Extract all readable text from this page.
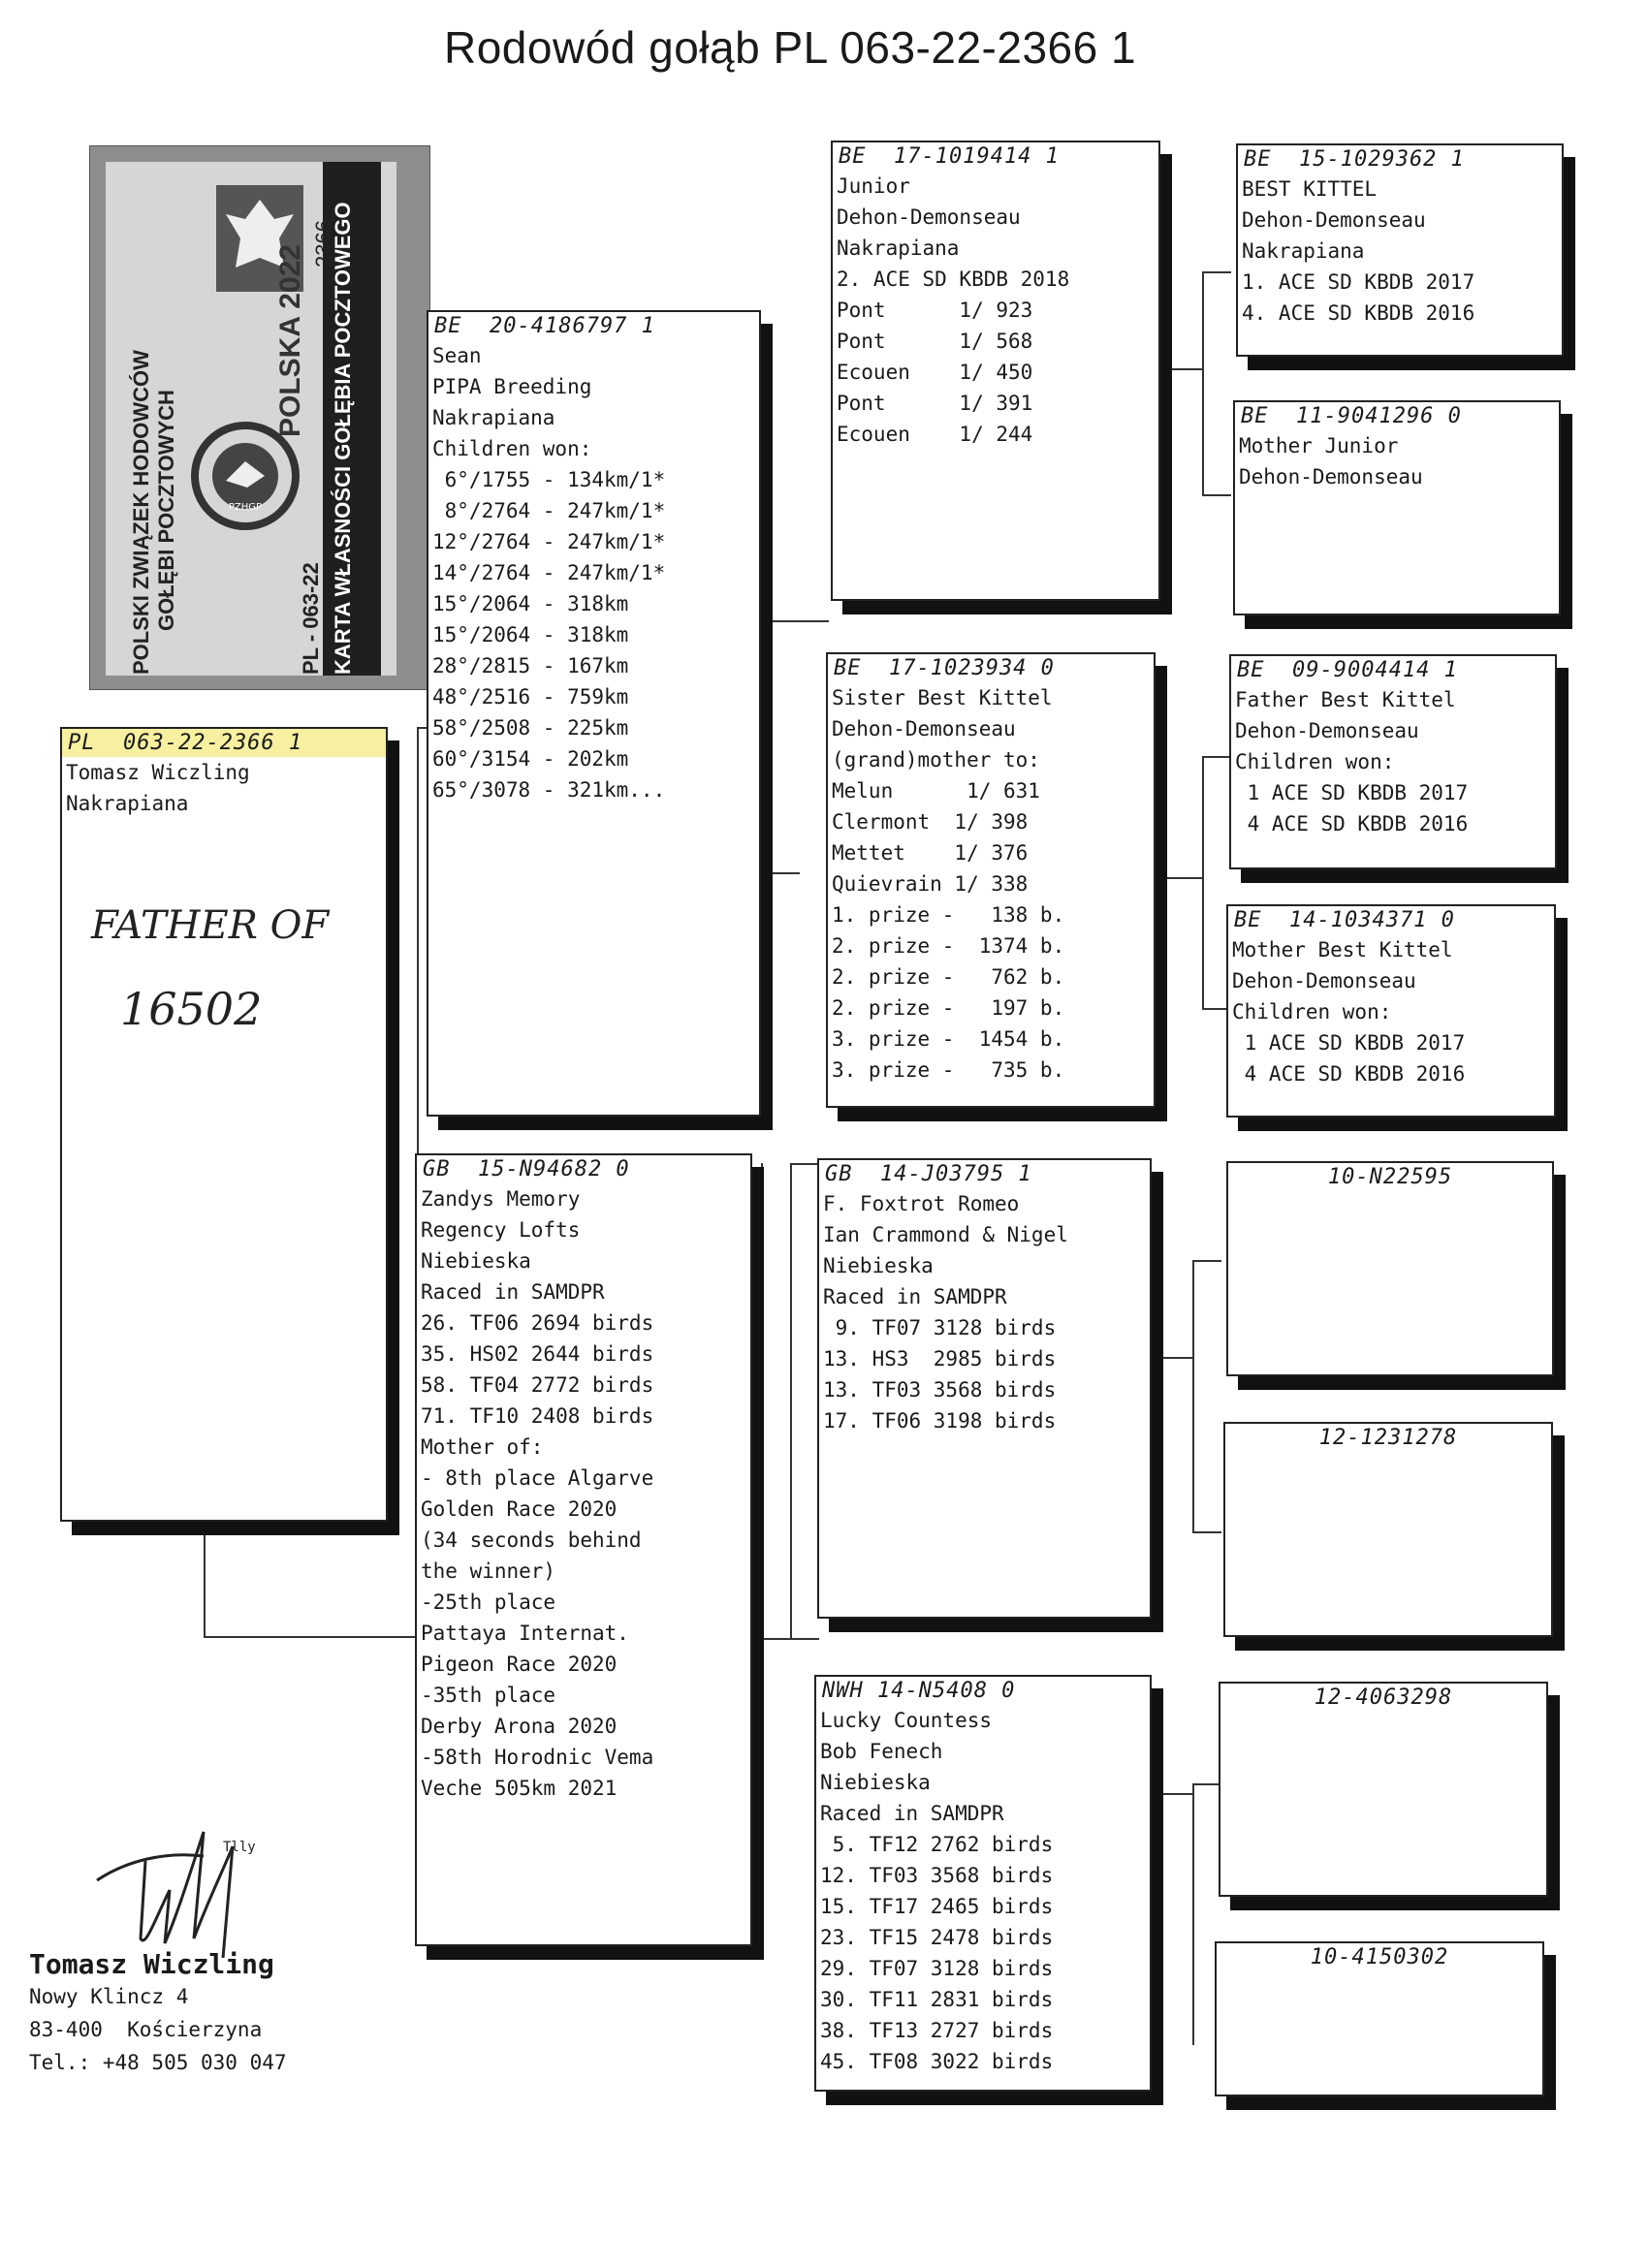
Rodowód gołąb PL 063-22-2366 1
PZHGP
POLSKI ZWIĄZEK HODOWCÓW GOŁĘBI POCZTOWYCH
POLSKA 2022
2366
PL - 063-22 KARTA WŁASNOŚCI GOŁĘBIA POCZTOWEGO
PL  063-22-2366 1
Tomasz Wiczling
Nakrapiana
FATHER OF
16502
BE  20-4186797 1
Sean
PIPA Breeding
Nakrapiana
Children won:
6°/1755 - 134km/1*
8°/2764 - 247km/1*
12°/2764 - 247km/1*
14°/2764 - 247km/1*
15°/2064 - 318km
15°/2064 - 318km
28°/2815 - 167km
48°/2516 - 759km
58°/2508 - 225km
60°/3154 - 202km
65°/3078 - 321km...
GB  15-N94682 0
Zandys Memory
Regency Lofts
Niebieska
Raced in SAMDPR
26. TF06 2694 birds
35. HS02 2644 birds
58. TF04 2772 birds
71. TF10 2408 birds
Mother of:
- 8th place Algarve
Golden Race 2020
(34 seconds behind
the winner)
-25th place
Pattaya Internat.
Pigeon Race 2020
-35th place
Derby Arona 2020
-58th Horodnic Vema
Veche 505km 2021
BE  17-1019414 1
Junior
Dehon-Demonseau
Nakrapiana
2. ACE SD KBDB 2018
Pont      1/ 923
Pont      1/ 568
Ecouen    1/ 450
Pont      1/ 391
Ecouen    1/ 244
BE  17-1023934 0
Sister Best Kittel
Dehon-Demonseau
(grand)mother to:
Melun      1/ 631
Clermont  1/ 398
Mettet    1/ 376
Quievrain 1/ 338
1. prize -   138 b.
2. prize -  1374 b.
2. prize -   762 b.
2. prize -   197 b.
3. prize -  1454 b.
3. prize -   735 b.
GB  14-J03795 1
F. Foxtrot Romeo
Ian Crammond & Nigel
Niebieska
Raced in SAMDPR
9. TF07 3128 birds
13. HS3  2985 birds
13. TF03 3568 birds
17. TF06 3198 birds
NWH 14-N5408 0
Lucky Countess
Bob Fenech
Niebieska
Raced in SAMDPR
5. TF12 2762 birds
12. TF03 3568 birds
15. TF17 2465 birds
23. TF15 2478 birds
29. TF07 3128 birds
30. TF11 2831 birds
38. TF13 2727 birds
45. TF08 3022 birds
BE  15-1029362 1
BEST KITTEL
Dehon-Demonseau
Nakrapiana
1. ACE SD KBDB 2017
4. ACE SD KBDB 2016
BE  11-9041296 0
Mother Junior
Dehon-Demonseau
BE  09-9004414 1
Father Best Kittel
Dehon-Demonseau
Children won:
1 ACE SD KBDB 2017
4 ACE SD KBDB 2016
BE  14-1034371 0
Mother Best Kittel
Dehon-Demonseau
Children won:
1 ACE SD KBDB 2017
4 ACE SD KBDB 2016
10-N22595
12-1231278
12-4063298
10-4150302
Tlly
Tomasz Wiczling
Nowy Klincz 4
83-400  Kościerzyna
Tel.: +48 505 030 047
